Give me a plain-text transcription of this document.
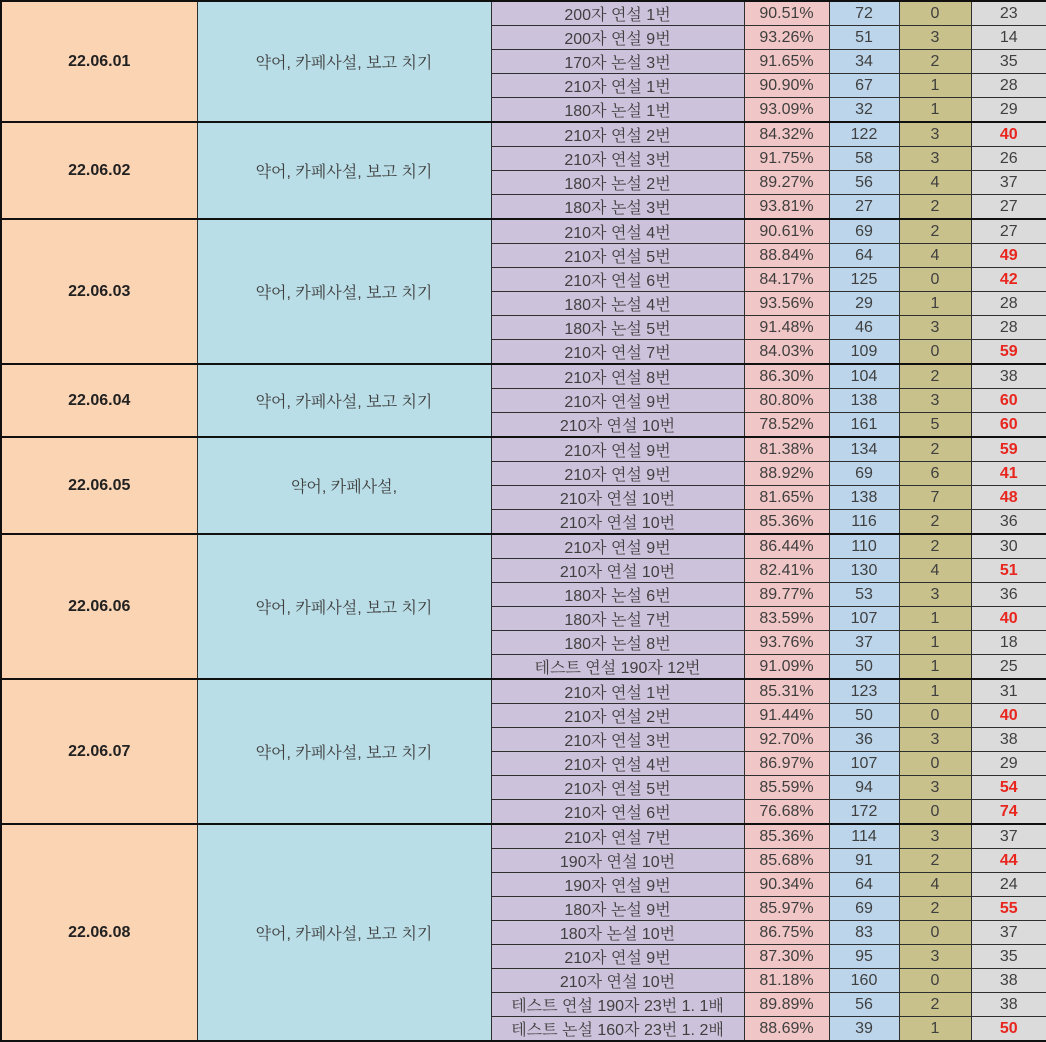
22.06.01	약어, 카페사설, 보고 치기	200자 연설 1번	90.51%	72	0	23
		200자 연설 9번	93.26%	51	3	14
		170자 논설 3번	91.65%	34	2	35
		210자 연설 1번	90.90%	67	1	28
		180자 논설 1번	93.09%	32	1	29
22.06.02	약어, 카페사설, 보고 치기	210자 연설 2번	84.32%	122	3	40
		210자 연설 3번	91.75%	58	3	26
		180자 논설 2번	89.27%	56	4	37
		180자 논설 3번	93.81%	27	2	27
22.06.03	약어, 카페사설, 보고 치기	210자 연설 4번	90.61%	69	2	27
		210자 연설 5번	88.84%	64	4	49
		210자 연설 6번	84.17%	125	0	42
		180자 논설 4번	93.56%	29	1	28
		180자 논설 5번	91.48%	46	3	28
		210자 연설 7번	84.03%	109	0	59
22.06.04	약어, 카페사설, 보고 치기	210자 연설 8번	86.30%	104	2	38
		210자 연설 9번	80.80%	138	3	60
		210자 연설 10번	78.52%	161	5	60
22.06.05	약어, 카페사설,	210자 연설 9번	81.38%	134	2	59
		210자 연설 9번	88.92%	69	6	41
		210자 연설 10번	81.65%	138	7	48
		210자 연설 10번	85.36%	116	2	36
22.06.06	약어, 카페사설, 보고 치기	210자 연설 9번	86.44%	110	2	30
		210자 연설 10번	82.41%	130	4	51
		180자 논설 6번	89.77%	53	3	36
		180자 논설 7번	83.59%	107	1	40
		180자 논설 8번	93.76%	37	1	18
		테스트 연설 190자 12번	91.09%	50	1	25
22.06.07	약어, 카페사설, 보고 치기	210자 연설 1번	85.31%	123	1	31
		210자 연설 2번	91.44%	50	0	40
		210자 연설 3번	92.70%	36	3	38
		210자 연설 4번	86.97%	107	0	29
		210자 연설 5번	85.59%	94	3	54
		210자 연설 6번	76.68%	172	0	74
22.06.08	약어, 카페사설, 보고 치기	210자 연설 7번	85.36%	114	3	37
		190자 연설 10번	85.68%	91	2	44
		190자 연설 9번	90.34%	64	4	24
		180자 논설 9번	85.97%	69	2	55
		180자 논설 10번	86.75%	83	0	37
		210자 연설 9번	87.30%	95	3	35
		210자 연설 10번	81.18%	160	0	38
		테스트 연설 190자 23번 1. 1배	89.89%	56	2	38
		테스트 논설 160자 23번 1. 2배	88.69%	39	1	50
